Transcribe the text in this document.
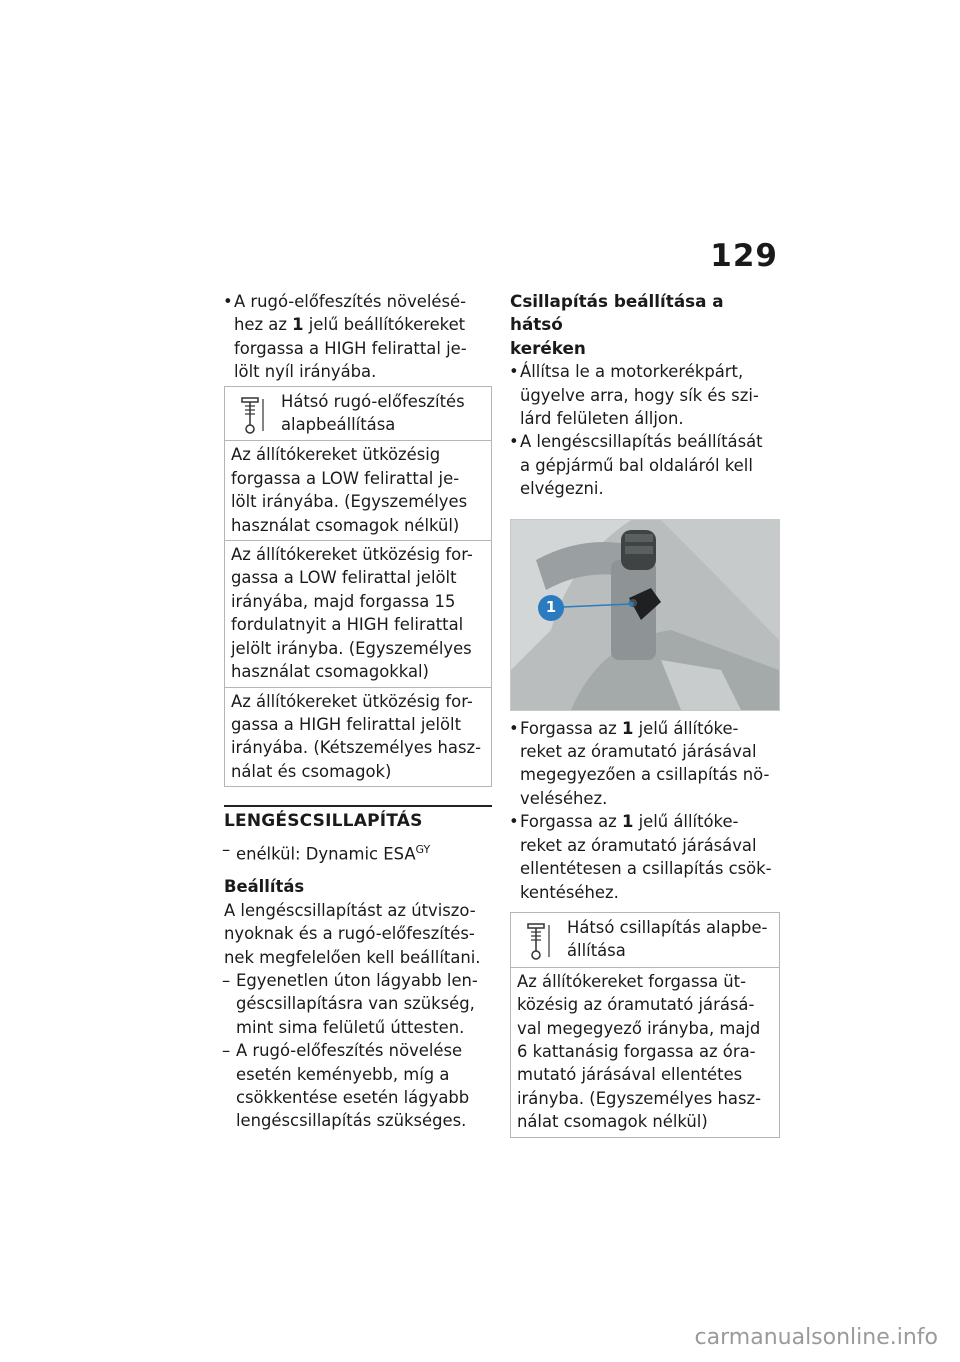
129
• A rugó-előfeszítés növelésé-
hez az 1 jelű beállítókereket
forgassa a HIGH felirattal je-
lölt nyíl irányába.
Hátsó rugó-előfeszítés
alapbeállítása
Az állítókereket ütközésig
forgassa a LOW felirattal je-
lölt irányába. (Egyszemélyes
használat csomagok nélkül)
Az állítókereket ütközésig for-
gassa a LOW felirattal jelölt
irányába, majd forgassa 15
fordulatnyit a HIGH felirattal
jelölt irányba. (Egyszemélyes
használat csomagokkal)
Az állítókereket ütközésig for-
gassa a HIGH felirattal jelölt
irányába. (Kétszemélyes hasz-
nálat és csomagok)
LENGÉSCSILLAPÍTÁS
– enélkül: Dynamic $ESA^{GY}$
Beállítás
A lengéscsillapítást az útviszo-
nyoknak és a rugó-előfeszítés-
nek megfelelően kell beállítani.
– Egyenetlen úton lágyabb len-
géscsillapításra van szükség,
mint sima felületű úttesten.
– A rugó-előfeszítés növelése
esetén keményebb, míg a
csökkentése esetén lágyabb
lengéscsillapítás szükséges.
Csillapítás beállítása a hátsó
keréken
• Állítsa le a motorkerékpárt,
ügyelve arra, hogy sík és szi-
lárd felületen álljon.
• A lengéscsillapítás beállítását
a gépjármű bal oldaláról kell
elvégezni.
1
• Forgassa az 1 jelű állítóke-
reket az óramutató járásával
megegyezően a csillapítás nö-
veléséhez.
• Forgassa az 1 jelű állítóke-
reket az óramutató járásával
ellentétesen a csillapítás csök-
kentéséhez.
Hátsó csillapítás alapbe-
állítása
Az állítókereket forgassa üt-
közésig az óramutató járásá-
val megegyező irányba, majd
6 kattanásig forgassa az óra-
mutató járásával ellentétes
irányba. (Egyszemélyes hasz-
nálat csomagok nélkül)
carmanualsonline.info
